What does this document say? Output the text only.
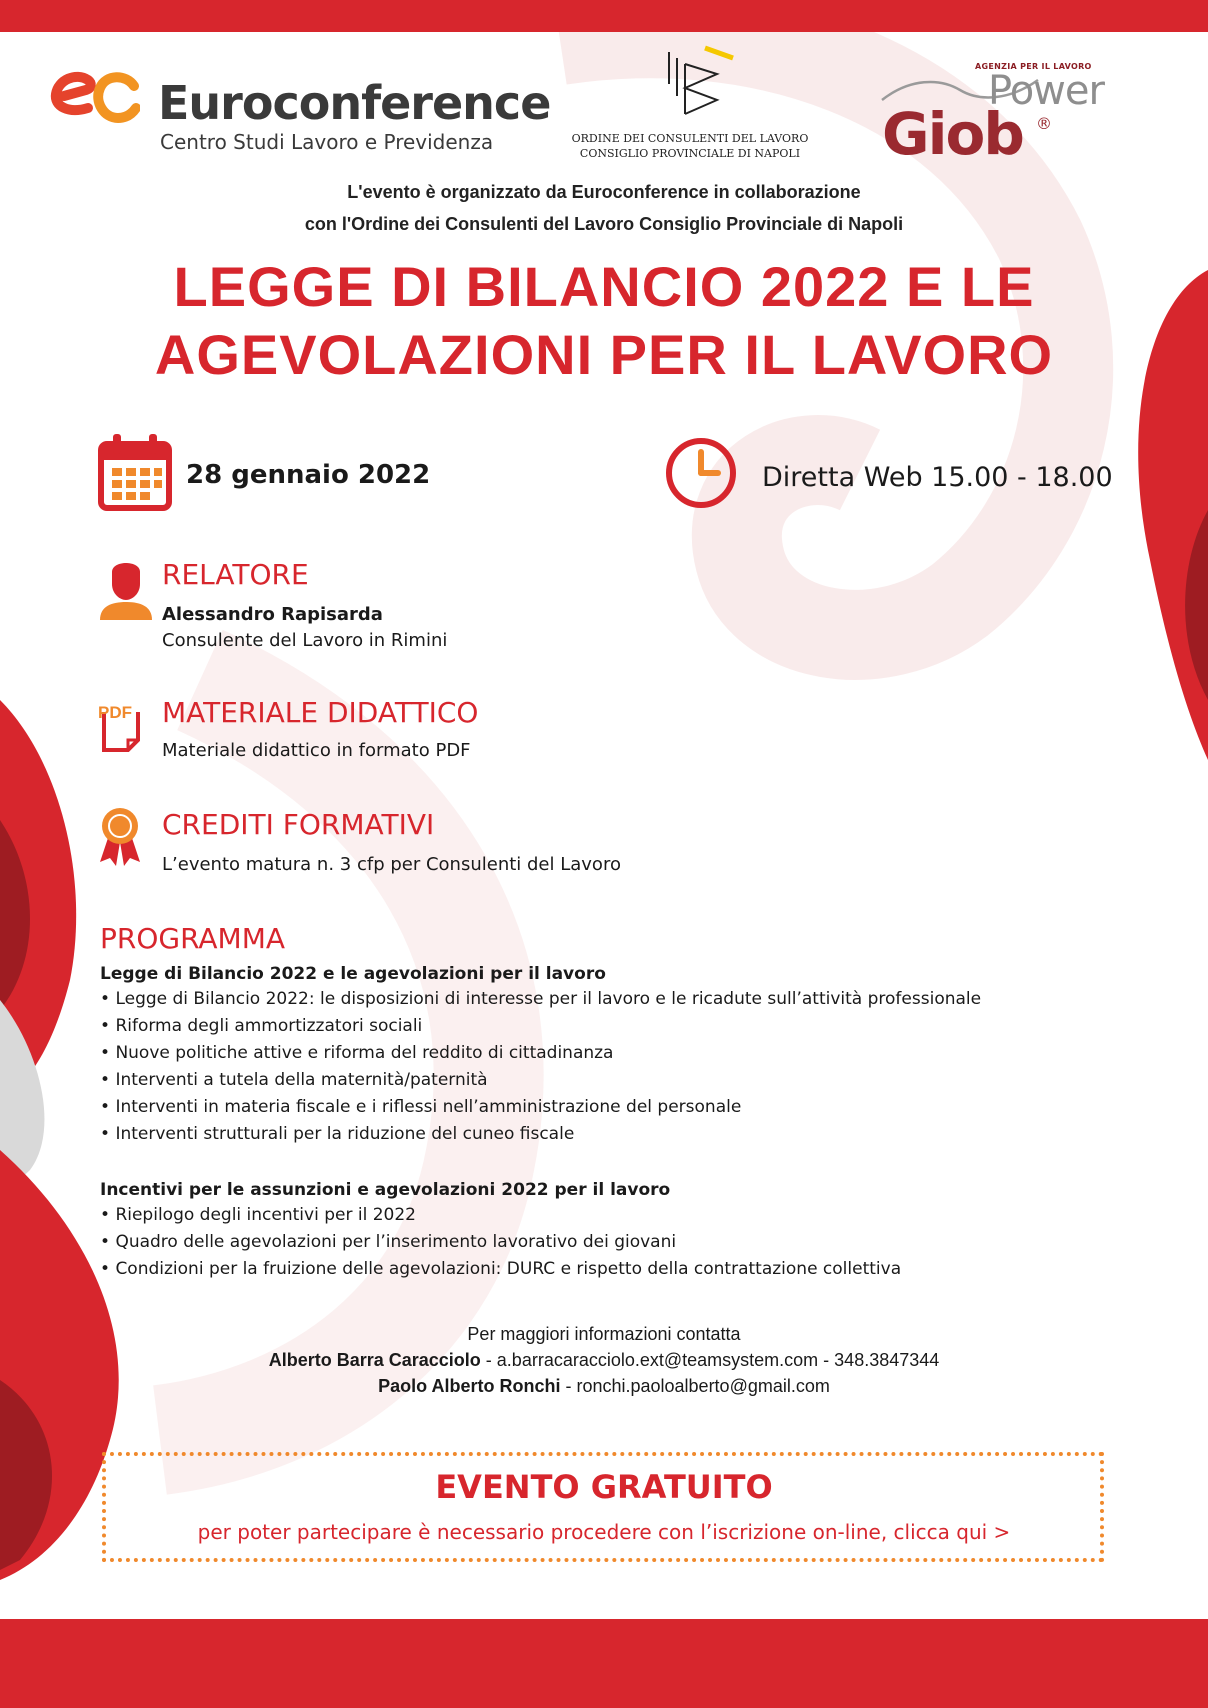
Euroconference
Centro Studi Lavoro e Previdenza	ORDINE DEI CONSULENTI DEL LAVORO
CONSIGLIO PROVINCIALE DI NAPOLI
AGENZIA PER IL LAVORO
Power
Giob ®
L'evento è organizzato da Euroconference in collaborazione
con l'Ordine dei Consulenti del Lavoro Consiglio Provinciale di Napoli
LEGGE DI BILANCIO 2022 E LE
AGEVOLAZIONI PER IL LAVORO
28 gennaio 2022	Diretta Web 15.00 - 18.00
RELATORE
Alessandro Rapisarda
Consulente del Lavoro in Rimini
PDF MATERIALE DIDATTICO
Materiale didattico in formato PDF
CREDITI FORMATIVI
L’evento matura n. 3 cfp per Consulenti del Lavoro
PROGRAMMA
Legge di Bilancio 2022 e le agevolazioni per il lavoro
• Legge di Bilancio 2022: le disposizioni di interesse per il lavoro e le ricadute sull’attività professionale
• Riforma degli ammortizzatori sociali
• Nuove politiche attive e riforma del reddito di cittadinanza
• Interventi a tutela della maternità/paternità
• Interventi in materia fiscale e i riflessi nell’amministrazione del personale
• Interventi strutturali per la riduzione del cuneo fiscale
Incentivi per le assunzioni e agevolazioni 2022 per il lavoro
• Riepilogo degli incentivi per il 2022
• Quadro delle agevolazioni per l’inserimento lavorativo dei giovani
• Condizioni per la fruizione delle agevolazioni: DURC e rispetto della contrattazione collettiva
Per maggiori informazioni contatta
Alberto Barra Caracciolo - a.barracaracciolo.ext@teamsystem.com - 348.3847344
Paolo Alberto Ronchi - ronchi.paoloalberto@gmail.com
EVENTO GRATUITO
per poter partecipare è necessario procedere con l’iscrizione on-line, clicca qui >
